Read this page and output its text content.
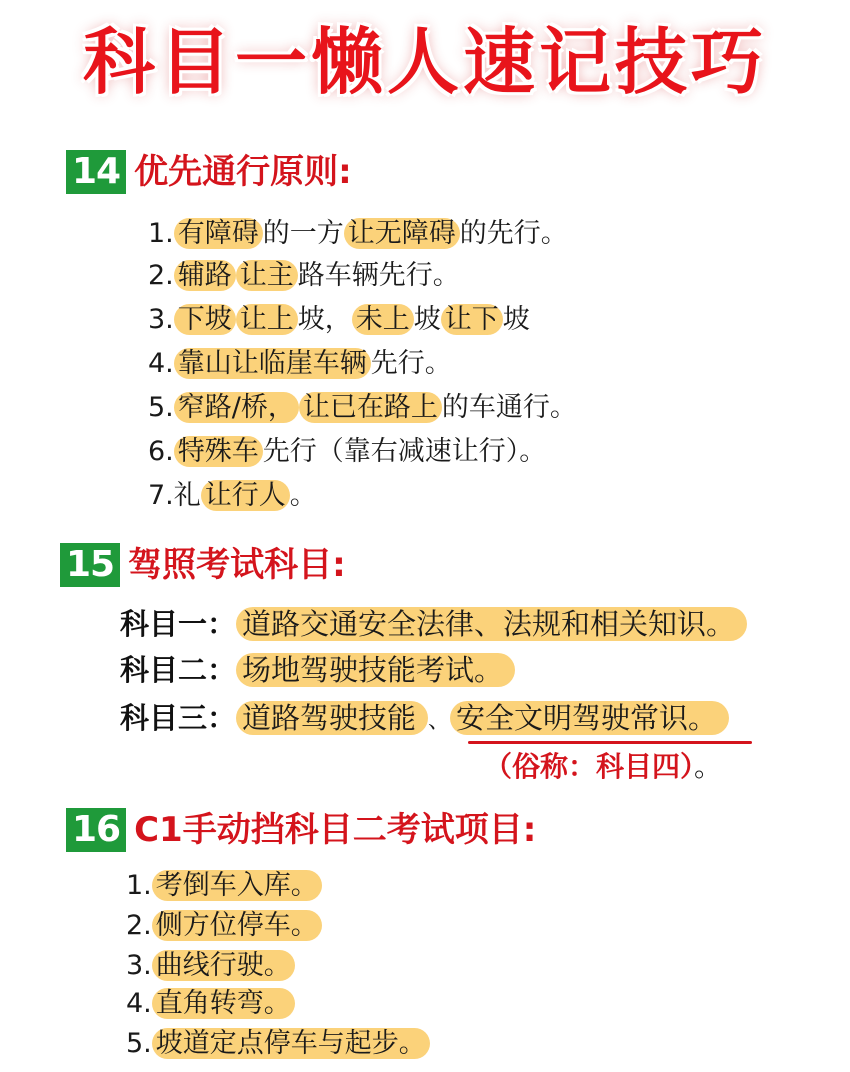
科目一懒人速记技巧
14 优先通行原则:
1. 有障碍 的一方 让无障碍 的先行。
2. 辅路 让主 路车辆先行。
3. 下坡 让上 坡， 未上 坡 让下 坡
4. 靠山让临崖车辆 先行。
5. 窄路/桥， 让已在路上 的车通行。
6. 特殊车 先行（靠右减速让行）。
7.礼 让行人 。
15 驾照考试科目:
科目一： 道路交通安全法律、法规和相关知识。
科目二： 场地驾驶技能考试。
科目三： 道路驾驶技能 、 安全文明驾驶常识。
（俗称：科目四）。
16 C1手动挡科目二考试项目:
1. 考倒车入库。
2. 侧方位停车。
3. 曲线行驶。
4. 直角转弯。
5. 坡道定点停车与起步。
